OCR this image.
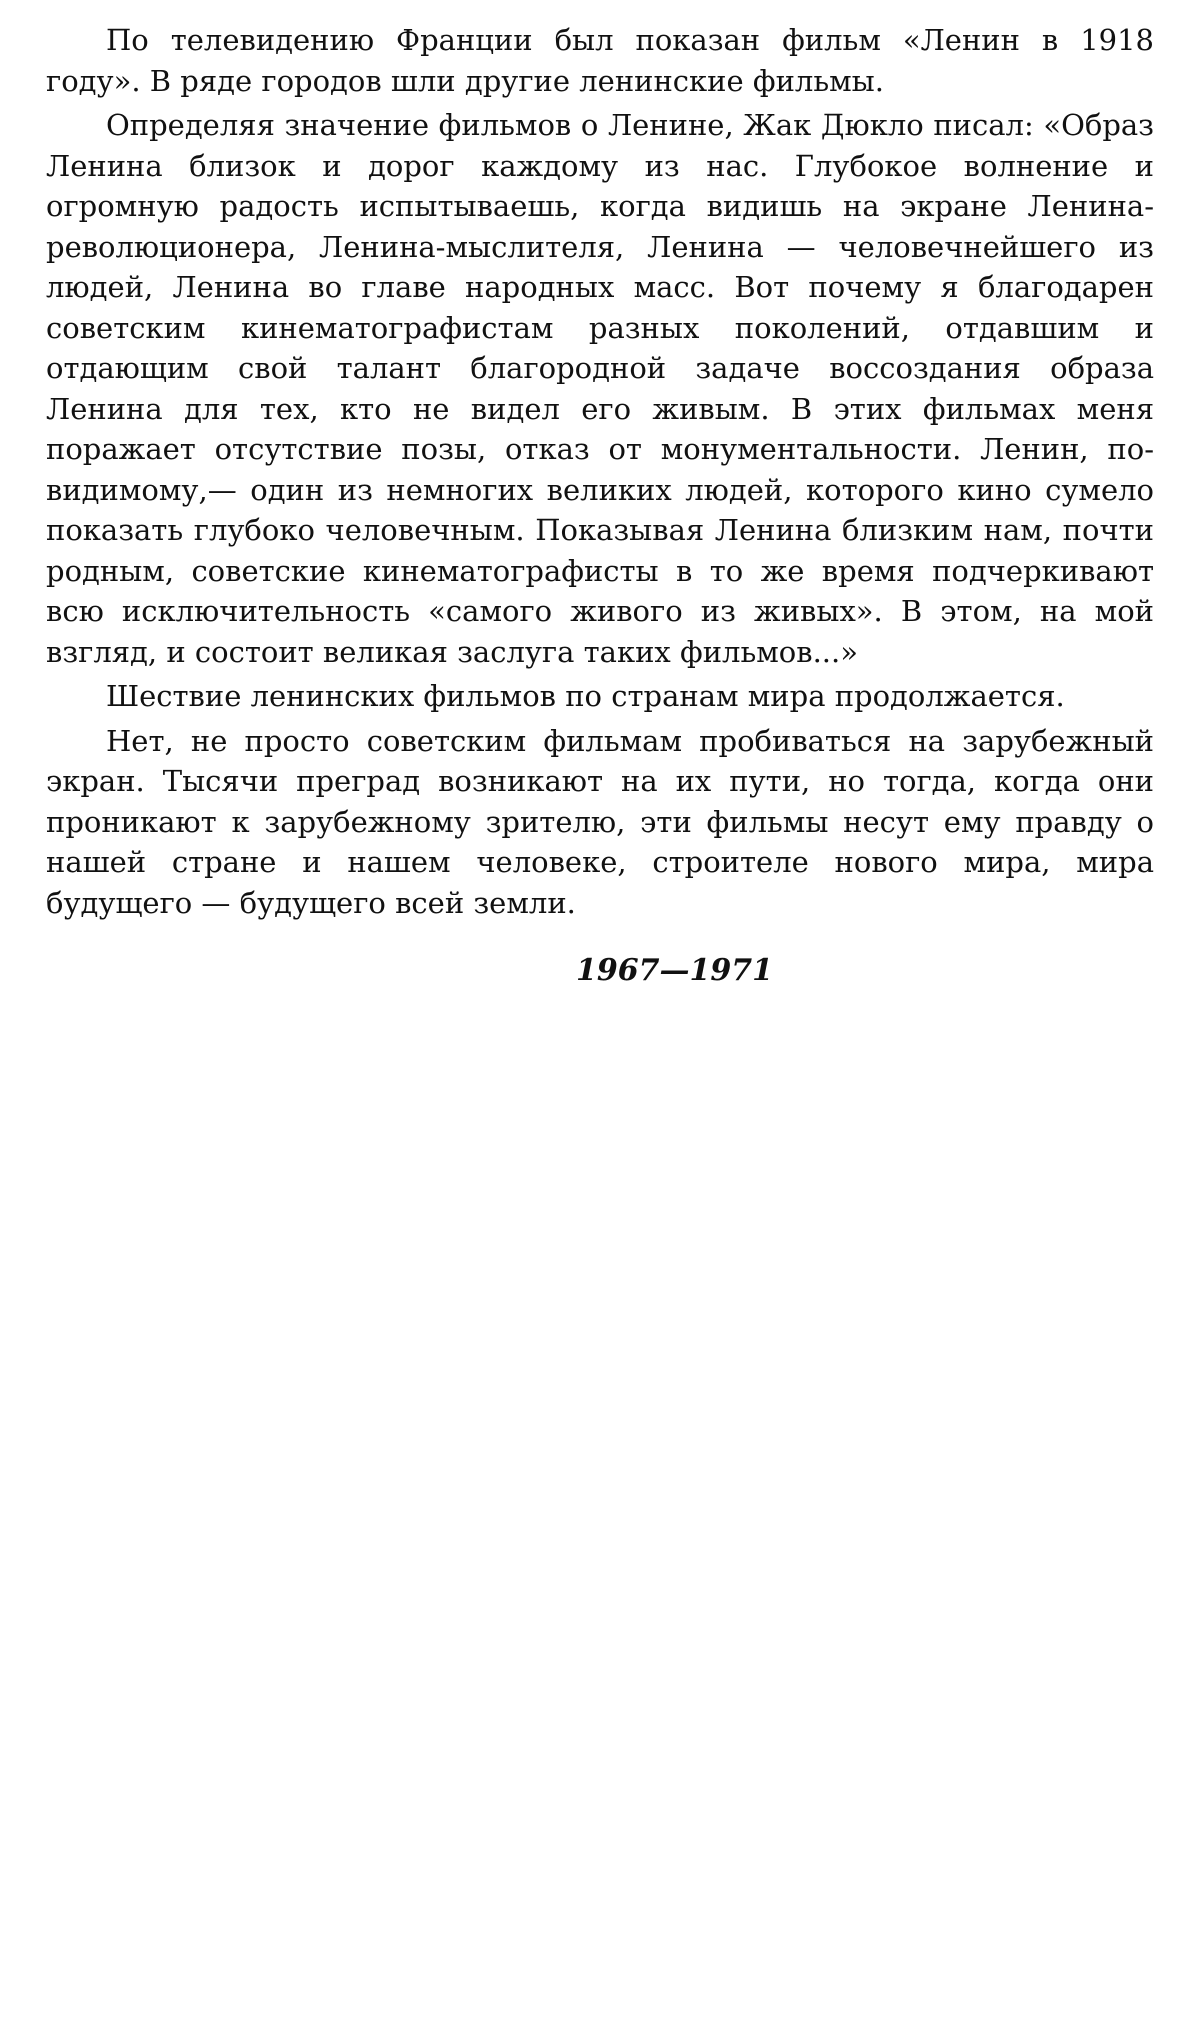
По телевидению Франции был показан фильм «Ленин в 1918 году». В ряде городов шли другие ленинские фильмы.

Определяя значение фильмов о Ленине, Жак Дюкло писал: «Образ Ленина близок и дорог каждому из нас. Глубокое волнение и огромную радость испытываешь, когда видишь на экране Ленина-революционера, Ленина-мыслителя, Ленина — человечнейшего из людей, Ленина во главе народных масс. Вот почему я благодарен советским кинематографистам разных поколений, отдавшим и отдающим свой талант благородной задаче воссоздания образа Ленина для тех, кто не видел его живым. В этих фильмах меня поражает отсутствие позы, отказ от монументальности. Ленин, по-видимому,— один из немногих великих людей, которого кино сумело показать глубоко человечным. Показывая Ленина близким нам, почти родным, советские кинематографисты в то же время подчеркивают всю исключительность «самого живого из живых». В этом, на мой взгляд, и состоит великая заслуга таких фильмов...»

Шествие ленинских фильмов по странам мира продолжается.

Нет, не просто советским фильмам пробиваться на зарубежный экран. Тысячи преград возникают на их пути, но тогда, когда они проникают к зарубежному зрителю, эти фильмы несут ему правду о нашей стране и нашем человеке, строителе нового мира, мира будущего — будущего всей земли.

1967—1971
